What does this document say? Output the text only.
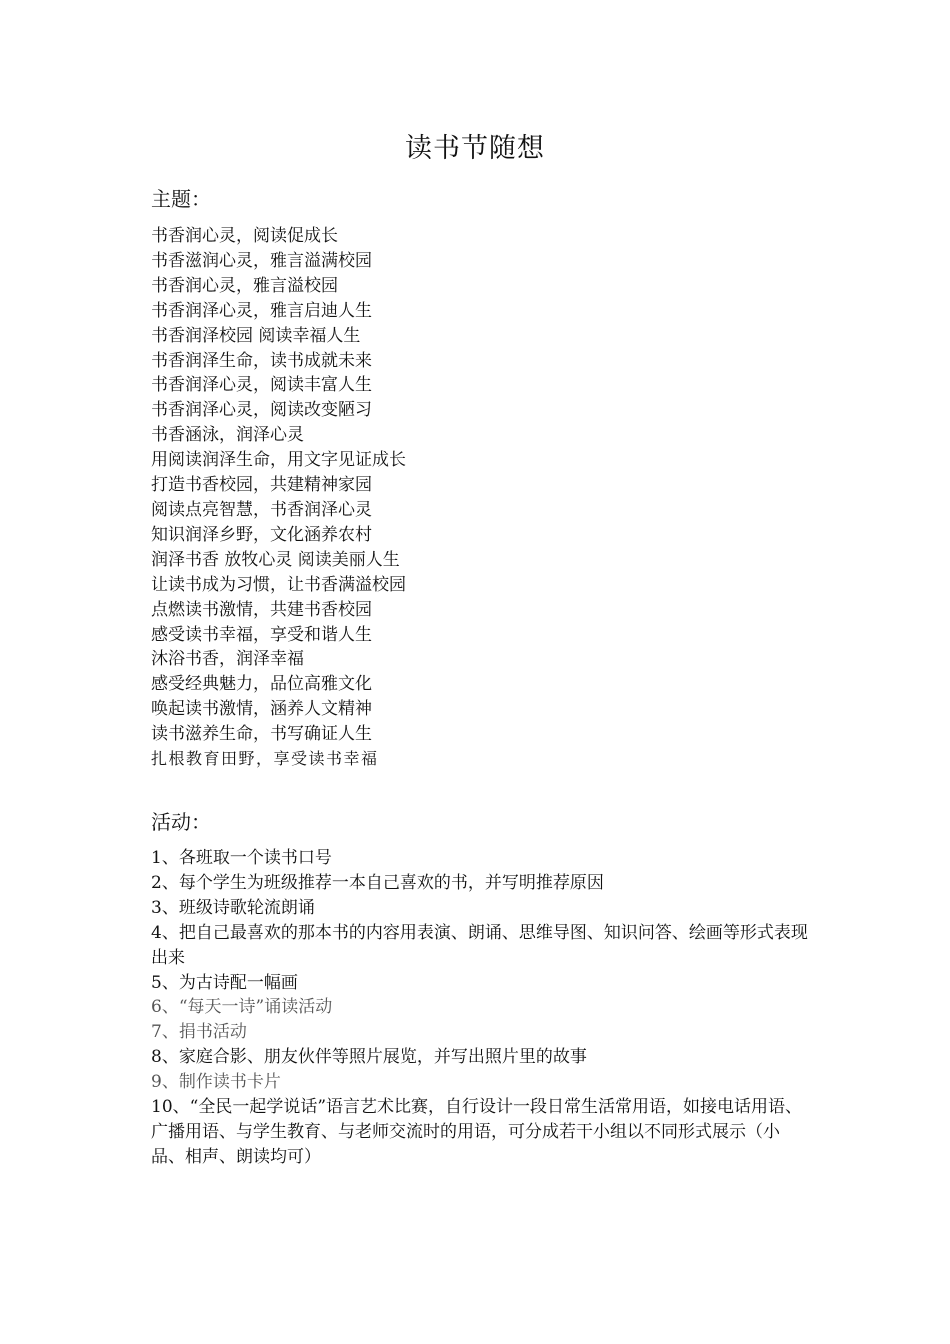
读书节随想
主题：
书香润心灵，阅读促成长
书香滋润心灵，雅言溢满校园
书香润心灵，雅言溢校园
书香润泽心灵，雅言启迪人生
书香润泽校园 阅读幸福人生
书香润泽生命，读书成就未来
书香润泽心灵，阅读丰富人生
书香润泽心灵，阅读改变陋习
书香涵泳，润泽心灵
用阅读润泽生命，用文字见证成长
打造书香校园，共建精神家园
阅读点亮智慧，书香润泽心灵
知识润泽乡野，文化涵养农村
润泽书香 放牧心灵 阅读美丽人生
让读书成为习惯，让书香满溢校园
点燃读书激情，共建书香校园
感受读书幸福，享受和谐人生
沐浴书香，润泽幸福
感受经典魅力，品位高雅文化
唤起读书激情，涵养人文精神
读书滋养生命，书写确证人生
扎根教育田野，享受读书幸福
活动：
1、各班取一个读书口号
2、每个学生为班级推荐一本自己喜欢的书，并写明推荐原因
3、班级诗歌轮流朗诵
4、把自己最喜欢的那本书的内容用表演、朗诵、思维导图、知识问答、绘画等形式表现出来
5、为古诗配一幅画
6、“每天一诗”诵读活动
7、捐书活动
8、家庭合影、朋友伙伴等照片展览，并写出照片里的故事
9、制作读书卡片
10、“全民一起学说话”语言艺术比赛，自行设计一段日常生活常用语，如接电话用语、广播用语、与学生教育、与老师交流时的用语，可分成若干小组以不同形式展示（小品、相声、朗读均可）
